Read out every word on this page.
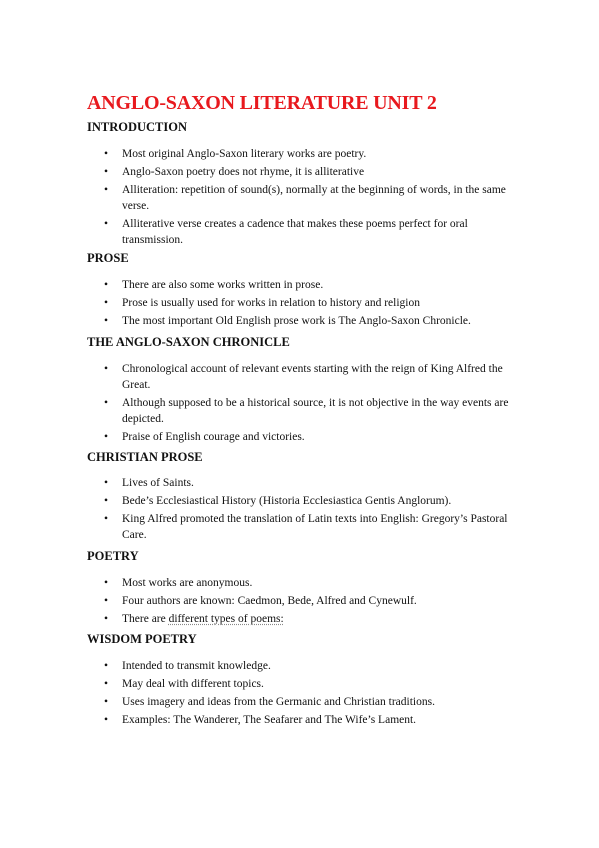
ANGLO-SAXON LITERATURE UNIT 2
INTRODUCTION
• Most original Anglo-Saxon literary works are poetry.
• Anglo-Saxon poetry does not rhyme, it is alliterative
• Alliteration: repetition of sound(s), normally at the beginning of words, in the same verse.
• Alliterative verse creates a cadence that makes these poems perfect for oral transmission.
PROSE
• There are also some works written in prose.
• Prose is usually used for works in relation to history and religion
• The most important Old English prose work is The Anglo-Saxon Chronicle.
THE ANGLO-SAXON CHRONICLE
• Chronological account of relevant events starting with the reign of King Alfred the Great.
• Although supposed to be a historical source, it is not objective in the way events are depicted.
• Praise of English courage and victories.
CHRISTIAN PROSE
• Lives of Saints.
• Bede’s Ecclesiastical History (Historia Ecclesiastica Gentis Anglorum).
• King Alfred promoted the translation of Latin texts into English: Gregory’s Pastoral Care.
POETRY
• Most works are anonymous.
• Four authors are known: Caedmon, Bede, Alfred and Cynewulf.
• There are different types of poems:
WISDOM POETRY
• Intended to transmit knowledge.
• May deal with different topics.
• Uses imagery and ideas from the Germanic and Christian traditions.
• Examples: The Wanderer, The Seafarer and The Wife’s Lament.
